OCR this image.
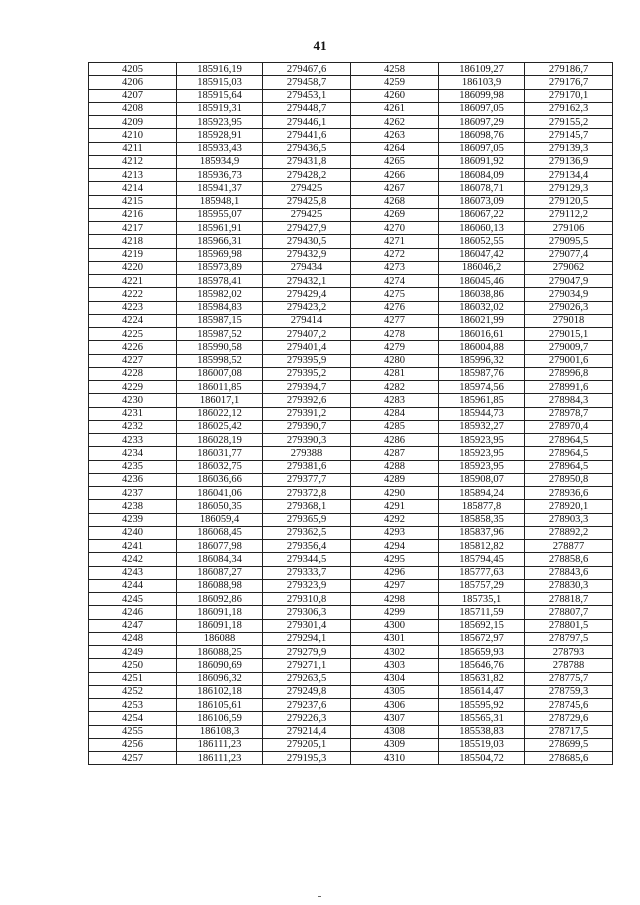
41
4205	185916,19	279467,6	4258	186109,27	279186,7
4206	185915,03	279458,7	4259	186103,9	279176,7
4207	185915,64	279453,1	4260	186099,98	279170,1
4208	185919,31	279448,7	4261	186097,05	279162,3
4209	185923,95	279446,1	4262	186097,29	279155,2
4210	185928,91	279441,6	4263	186098,76	279145,7
4211	185933,43	279436,5	4264	186097,05	279139,3
4212	185934,9	279431,8	4265	186091,92	279136,9
4213	185936,73	279428,2	4266	186084,09	279134,4
4214	185941,37	279425	4267	186078,71	279129,3
4215	185948,1	279425,8	4268	186073,09	279120,5
4216	185955,07	279425	4269	186067,22	279112,2
4217	185961,91	279427,9	4270	186060,13	279106
4218	185966,31	279430,5	4271	186052,55	279095,5
4219	185969,98	279432,9	4272	186047,42	279077,4
4220	185973,89	279434	4273	186046,2	279062
4221	185978,41	279432,1	4274	186045,46	279047,9
4222	185982,02	279429,4	4275	186038,86	279034,9
4223	185984,83	279423,2	4276	186032,02	279026,3
4224	185987,15	279414	4277	186021,99	279018
4225	185987,52	279407,2	4278	186016,61	279015,1
4226	185990,58	279401,4	4279	186004,88	279009,7
4227	185998,52	279395,9	4280	185996,32	279001,6
4228	186007,08	279395,2	4281	185987,76	278996,8
4229	186011,85	279394,7	4282	185974,56	278991,6
4230	186017,1	279392,6	4283	185961,85	278984,3
4231	186022,12	279391,2	4284	185944,73	278978,7
4232	186025,42	279390,7	4285	185932,27	278970,4
4233	186028,19	279390,3	4286	185923,95	278964,5
4234	186031,77	279388	4287	185923,95	278964,5
4235	186032,75	279381,6	4288	185923,95	278964,5
4236	186036,66	279377,7	4289	185908,07	278950,8
4237	186041,06	279372,8	4290	185894,24	278936,6
4238	186050,35	279368,1	4291	185877,8	278920,1
4239	186059,4	279365,9	4292	185858,35	278903,3
4240	186068,45	279362,5	4293	185837,96	278892,2
4241	186077,98	279356,4	4294	185812,82	278877
4242	186084,34	279344,5	4295	185794,45	278858,6
4243	186087,27	279333,7	4296	185777,63	278843,6
4244	186088,98	279323,9	4297	185757,29	278830,3
4245	186092,86	279310,8	4298	185735,1	278818,7
4246	186091,18	279306,3	4299	185711,59	278807,7
4247	186091,18	279301,4	4300	185692,15	278801,5
4248	186088	279294,1	4301	185672,97	278797,5
4249	186088,25	279279,9	4302	185659,93	278793
4250	186090,69	279271,1	4303	185646,76	278788
4251	186096,32	279263,5	4304	185631,82	278775,7
4252	186102,18	279249,8	4305	185614,47	278759,3
4253	186105,61	279237,6	4306	185595,92	278745,6
4254	186106,59	279226,3	4307	185565,31	278729,6
4255	186108,3	279214,4	4308	185538,83	278717,5
4256	186111,23	279205,1	4309	185519,03	278699,5
4257	186111,23	279195,3	4310	185504,72	278685,6
